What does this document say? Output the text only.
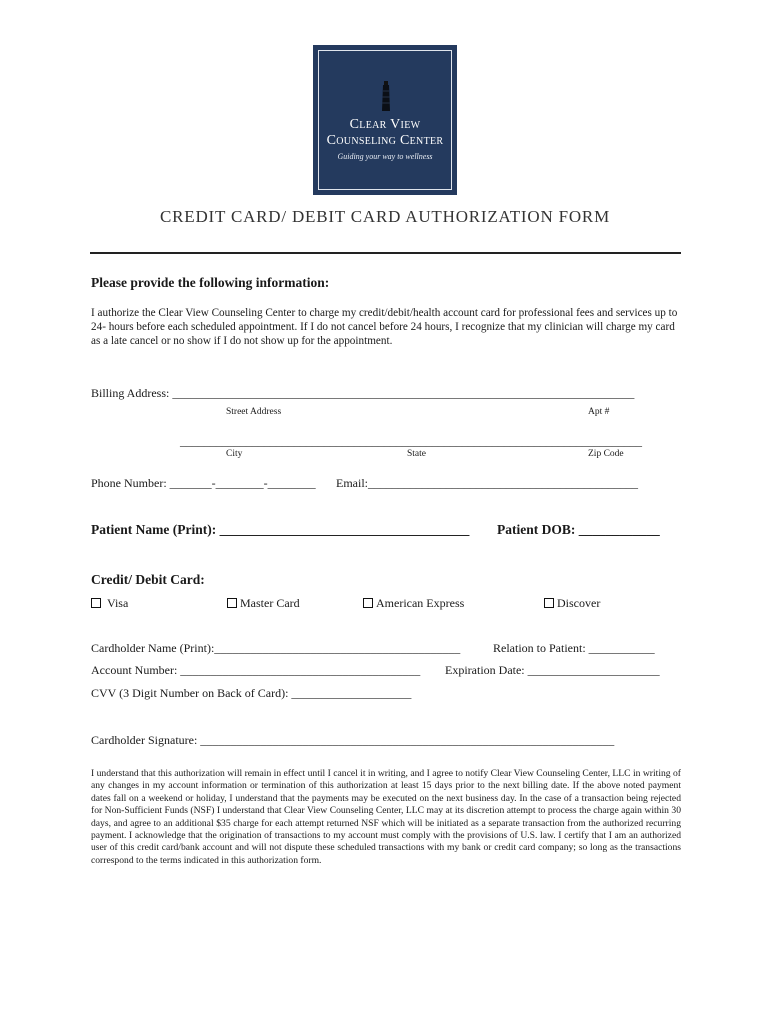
Clear View
Counseling Center
Guiding your way to wellness
CREDIT CARD/ DEBIT CARD AUTHORIZATION FORM
Please provide the following information:
I authorize the Clear View Counseling Center to charge my credit/debit/health account card for professional fees and services up to 24- hours before each scheduled appointment. If I do not cancel before 24 hours, I recognize that my clinician will charge my card as a late cancel or no show if I do not show up for the appointment.
Billing Address: _____________________________________________________________________________
Street Address	Apt #
_____________________________________________________________________________
City	State	Zip Code
Phone Number: _______-________-________ Email:_____________________________________________
Patient Name (Print): _____________________________________ Patient DOB: ____________
Credit/ Debit Card:
Visa	Master Card	American Express	Discover
Cardholder Name (Print):_________________________________________	Relation to Patient: ___________
Account Number: ________________________________________ Expiration Date: ______________________
CVV (3 Digit Number on Back of Card): ____________________
Cardholder Signature: _____________________________________________________________________
I understand that this authorization will remain in effect until I cancel it in writing, and I agree to notify Clear View Counseling Center, LLC in writing of any changes in my account information or termination of this authorization at least 15 days prior to the next billing date. If the above noted payment dates fall on a weekend or holiday, I understand that the payments may be executed on the next business day. In the case of a transaction being rejected for Non-Sufficient Funds (NSF) I understand that Clear View Counseling Center, LLC may at its discretion attempt to process the charge again within 30 days, and agree to an additional $35 charge for each attempt returned NSF which will be initiated as a separate transaction from the authorized recurring payment. I acknowledge that the origination of transactions to my account must comply with the provisions of U.S. law. I certify that I am an authorized user of this credit card/bank account and will not dispute these scheduled transactions with my bank or credit card company; so long as the transactions correspond to the terms indicated in this authorization form.
